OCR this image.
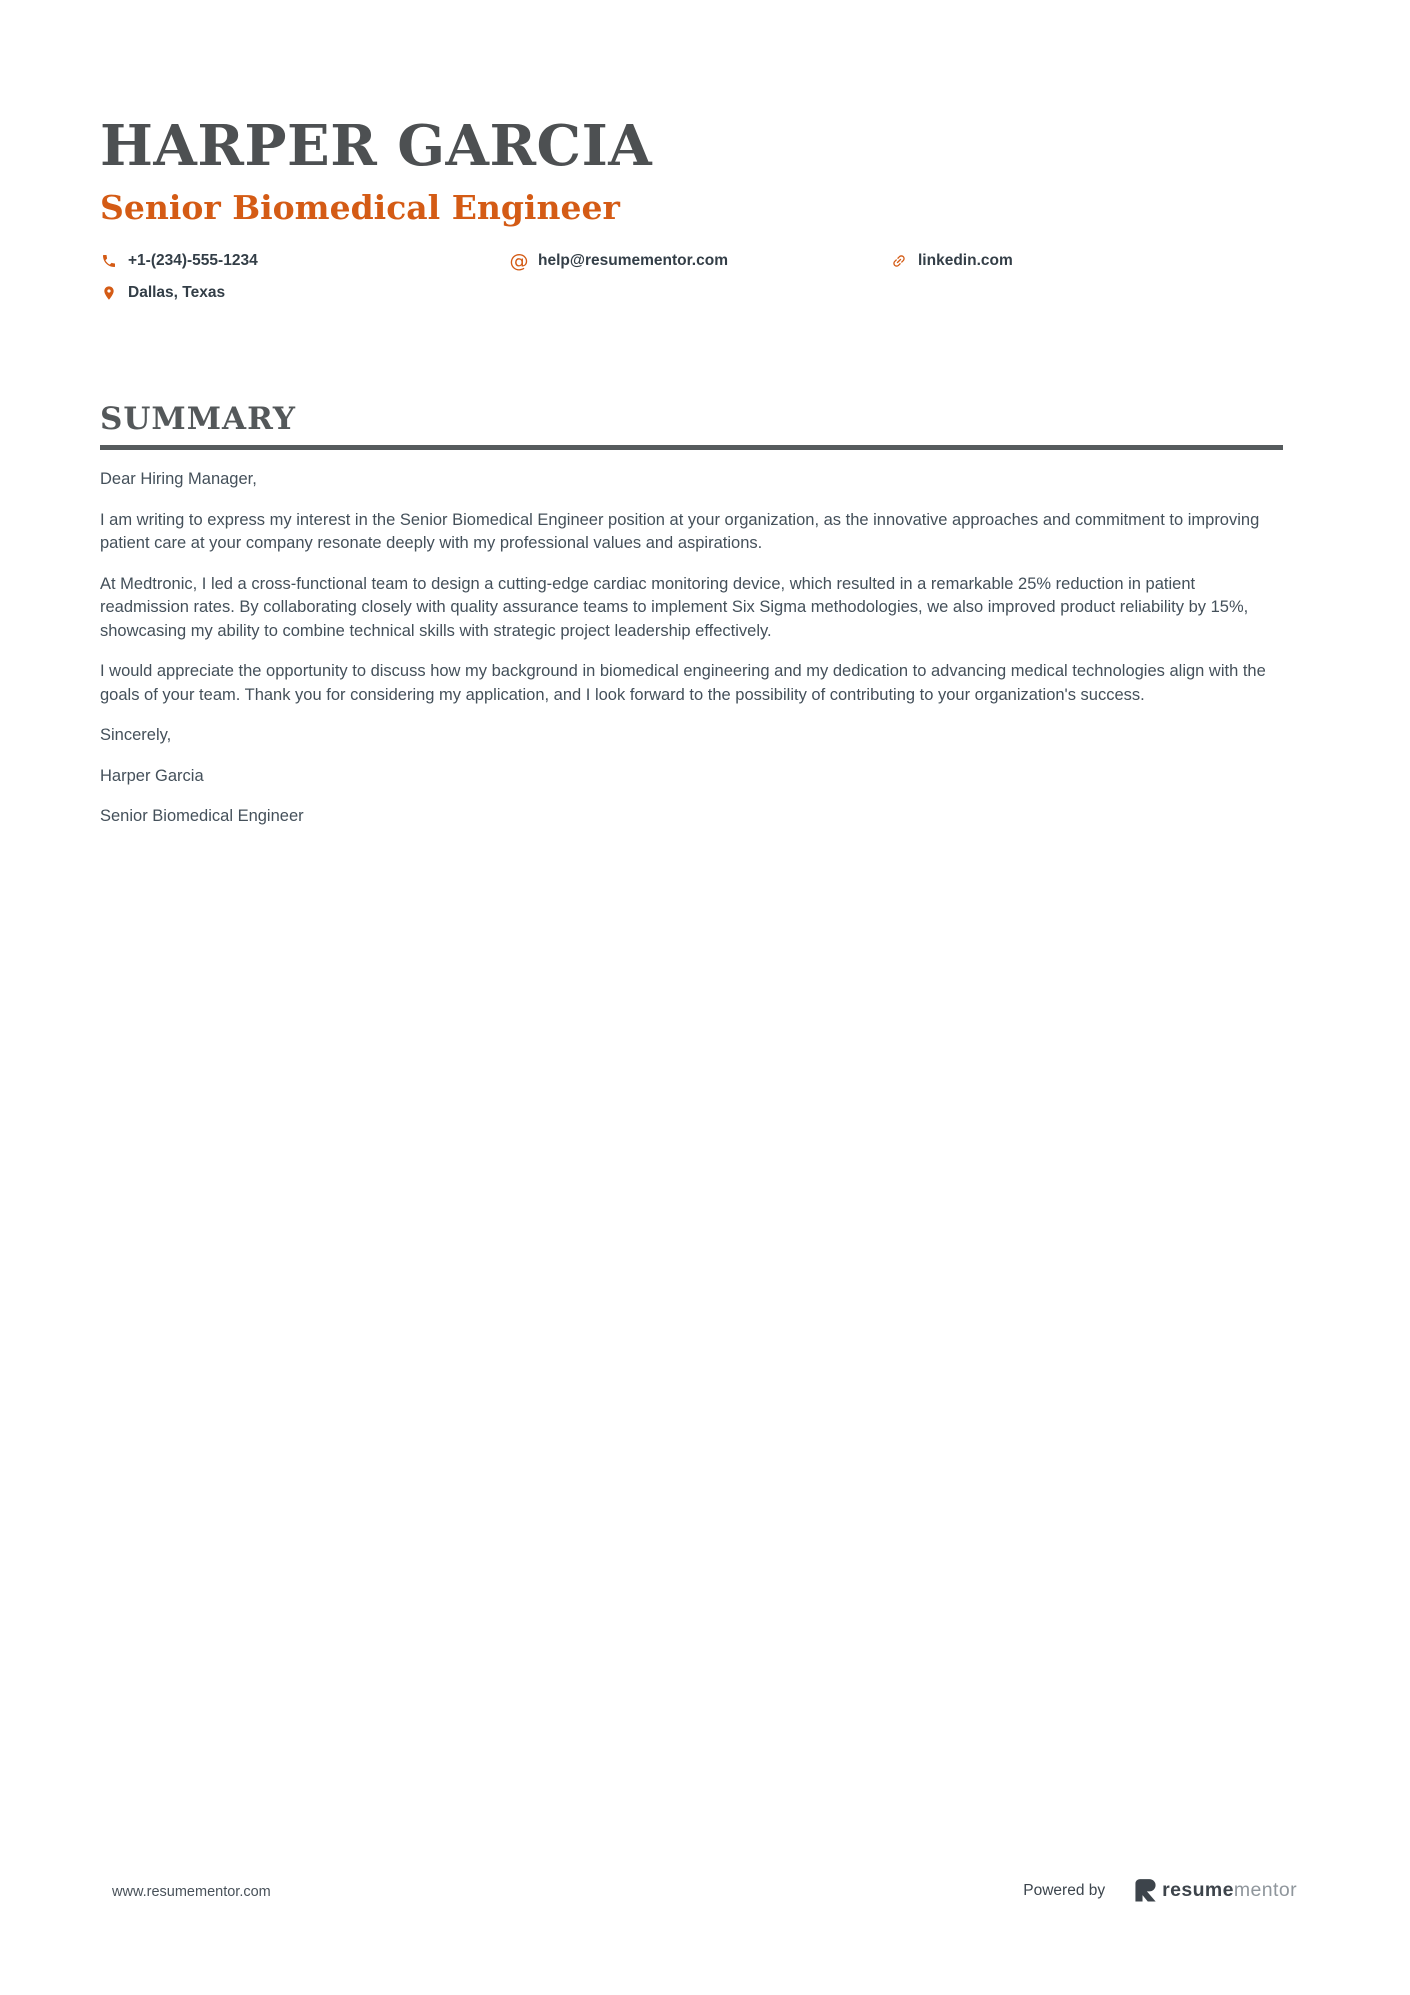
HARPER GARCIA
Senior Biomedical Engineer
+1-(234)-555-1234	@ help@resumementor.com	linkedin.com
Dallas, Texas
SUMMARY

Dear Hiring Manager,

I am writing to express my interest in the Senior Biomedical Engineer position at your organization, as the innovative approaches and commitment to improving patient care at your company resonate deeply with my professional values and aspirations.

At Medtronic, I led a cross-functional team to design a cutting-edge cardiac monitoring device, which resulted in a remarkable 25% reduction in patient readmission rates. By collaborating closely with quality assurance teams to implement Six Sigma methodologies, we also improved product reliability by 15%, showcasing my ability to combine technical skills with strategic project leadership effectively.

I would appreciate the opportunity to discuss how my background in biomedical engineering and my dedication to advancing medical technologies align with the goals of your team. Thank you for considering my application, and I look forward to the possibility of contributing to your organization's success.

Sincerely,

Harper Garcia

Senior Biomedical Engineer

www.resumementor.com	Powered by	resumementor
